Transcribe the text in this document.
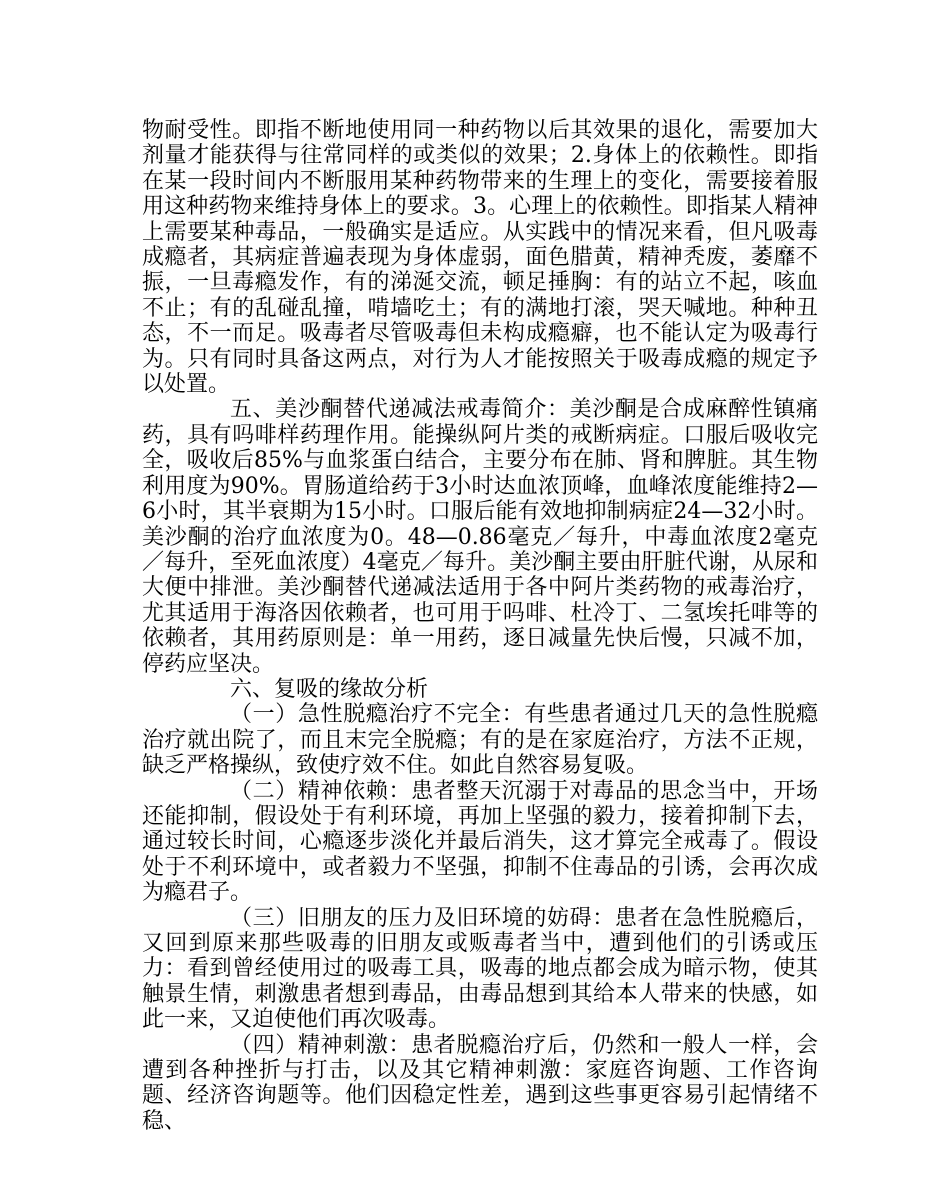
物耐受性。即指不断地使用同一种药物以后其效果的退化，需要加大剂量才能获得与往常同样的或类似的效果；2.身体上的依赖性。即指在某一段时间内不断服用某种药物带来的生理上的变化，需要接着服用这种药物来维持身体上的要求。3。心理上的依赖性。即指某人精神上需要某种毒品，一般确实是适应。从实践中的情况来看，但凡吸毒成瘾者，其病症普遍表现为身体虚弱，面色腊黄，精神秃废，萎靡不振，一旦毒瘾发作，有的涕涎交流，顿足捶胸：有的站立不起，咳血不止；有的乱碰乱撞，啃墙吃土；有的满地打滚，哭天喊地。种种丑态，不一而足。吸毒者尽管吸毒但未构成瘾癖，也不能认定为吸毒行为。只有同时具备这两点，对行为人才能按照关于吸毒成瘾的规定予以处置。

五、美沙酮替代递减法戒毒简介：美沙酮是合成麻醉性镇痛药，具有吗啡样药理作用。能操纵阿片类的戒断病症。口服后吸收完全，吸收后85%与血浆蛋白结合，主要分布在肺、肾和脾脏。其生物利用度为90%。胃肠道给药于3小时达血浓顶峰，血峰浓度能维持2—6小时，其半衰期为15小时。口服后能有效地抑制病症24—32小时。美沙酮的治疗血浓度为0。48—0.86毫克／每升，中毒血浓度2毫克／每升，至死血浓度）4毫克／每升。美沙酮主要由肝脏代谢，从尿和大便中排泄。美沙酮替代递减法适用于各中阿片类药物的戒毒治疗，尤其适用于海洛因依赖者，也可用于吗啡、杜冷丁、二氢埃托啡等的依赖者，其用药原则是：单一用药，逐日减量先快后慢，只减不加，停药应坚决。

六、复吸的缘故分析

（一）急性脱瘾治疗不完全：有些患者通过几天的急性脱瘾治疗就出院了，而且末完全脱瘾；有的是在家庭治疗，方法不正规，缺乏严格操纵，致使疗效不住。如此自然容易复吸。

（二）精神依赖：患者整天沉溺于对毒品的思念当中，开场还能抑制，假设处于有利环境，再加上坚强的毅力，接着抑制下去，通过较长时间，心瘾逐步淡化并最后消失，这才算完全戒毒了。假设处于不利环境中，或者毅力不坚强，抑制不住毒品的引诱，会再次成为瘾君子。

（三）旧朋友的压力及旧环境的妨碍：患者在急性脱瘾后，又回到原来那些吸毒的旧朋友或贩毒者当中，遭到他们的引诱或压力：看到曾经使用过的吸毒工具，吸毒的地点都会成为暗示物，使其触景生情，刺激患者想到毒品，由毒品想到其给本人带来的快感，如此一来，又迫使他们再次吸毒。

（四）精神刺激：患者脱瘾治疗后，仍然和一般人一样，会遭到各种挫折与打击，以及其它精神刺激：家庭咨询题、工作咨询题、经济咨询题等。他们因稳定性差，遇到这些事更容易引起情绪不稳、
